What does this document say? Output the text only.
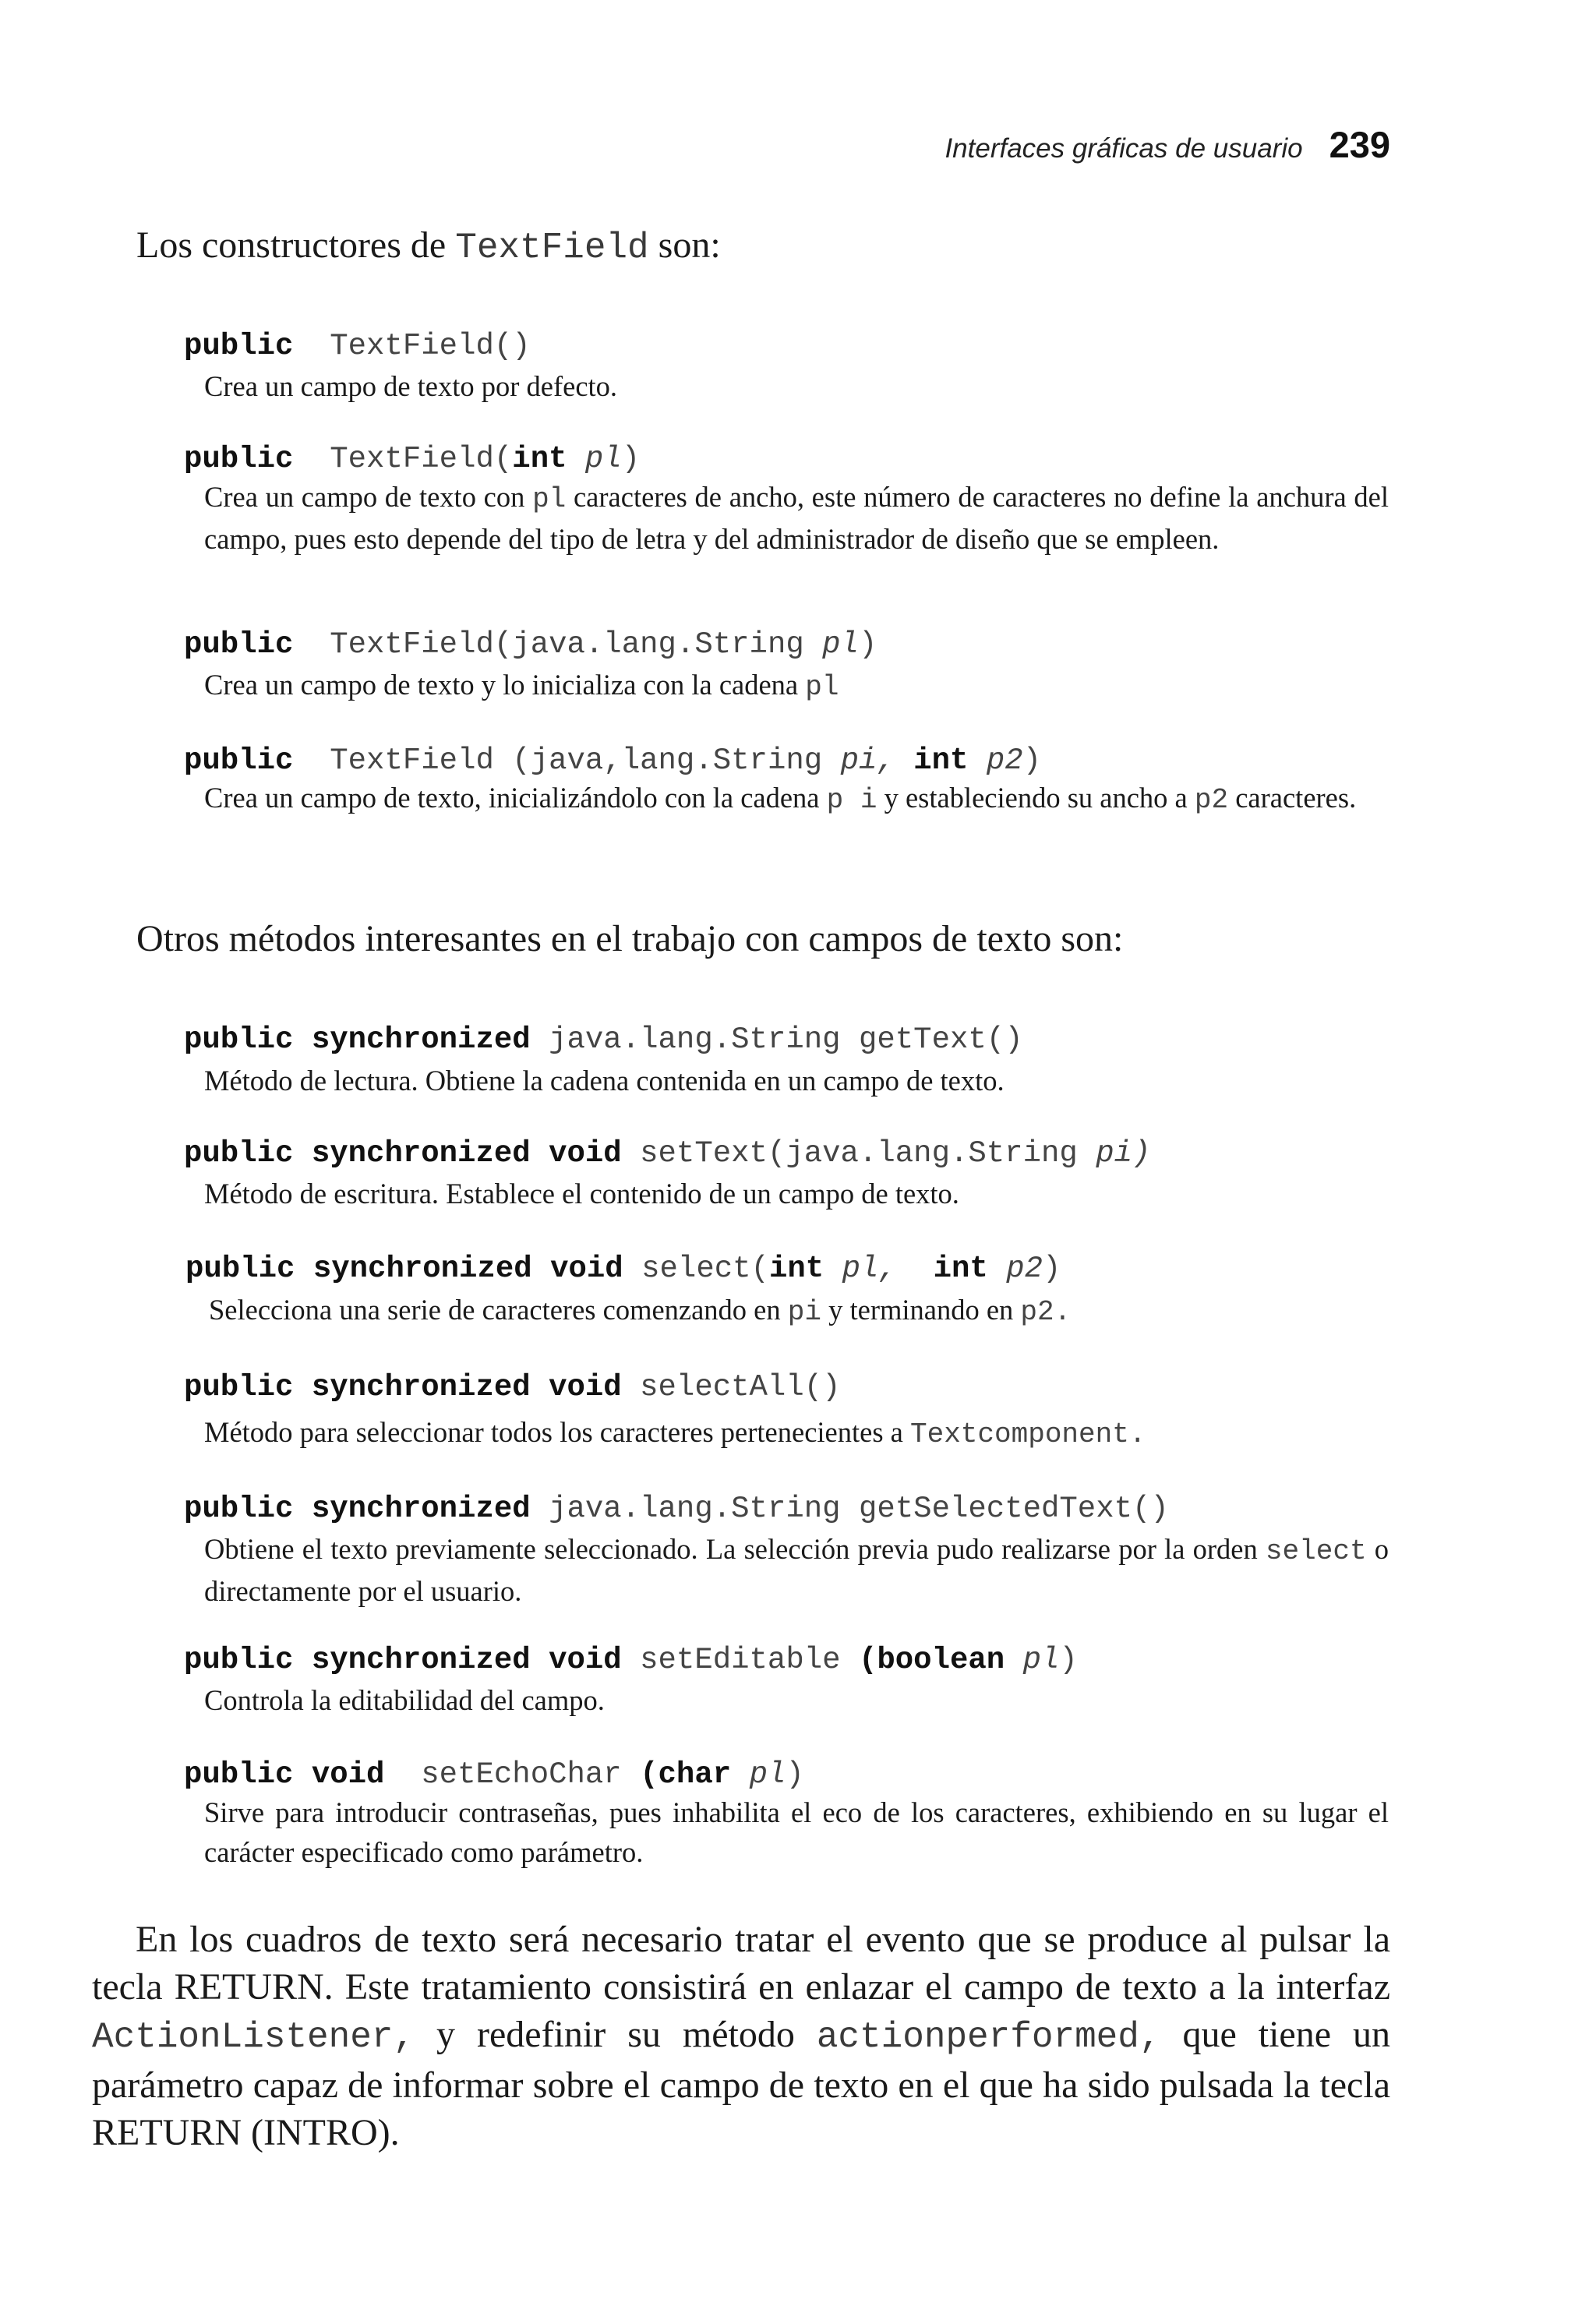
Interfaces gráficas de usuario 239
Los constructores de TextField son:
public TextField()
Crea un campo de texto por defecto.
public TextField(int pl)
Crea un campo de texto con pl caracteres de ancho, este número de caracteres no define la anchura del campo, pues esto depende del tipo de letra y del administrador de diseño que se empleen.
public TextField(java.lang.String pl)
Crea un campo de texto y lo inicializa con la cadena pl
public TextField (java,lang.String pi, int p2)
Crea un campo de texto, inicializándolo con la cadena p i y estableciendo su ancho a p2 caracteres.
Otros métodos interesantes en el trabajo con campos de texto son:
public synchronized java.lang.String getText()
Método de lectura. Obtiene la cadena contenida en un campo de texto.
public synchronized void setText(java.lang.String pi)
Método de escritura. Establece el contenido de un campo de texto.
public synchronized void select(int pl, int p2)
Selecciona una serie de caracteres comenzando en pi y terminando en p2.
public synchronized void selectAll()
Método para seleccionar todos los caracteres pertenecientes a Textcomponent.
public synchronized java.lang.String getSelectedText()
Obtiene el texto previamente seleccionado. La selección previa pudo realizarse por la orden select o directamente por el usuario.
public synchronized void setEditable (boolean pl)
Controla la editabilidad del campo.
public void setEchoChar (char pl)
Sirve para introducir contraseñas, pues inhabilita el eco de los caracteres, exhibiendo en su lugar el carácter especificado como parámetro.
En los cuadros de texto será necesario tratar el evento que se produce al pulsar la tecla RETURN. Este tratamiento consistirá en enlazar el campo de texto a la interfaz ActionListener, y redefinir su método actionperformed, que tiene un parámetro capaz de informar sobre el campo de texto en el que ha sido pulsada la tecla RETURN (INTRO).
